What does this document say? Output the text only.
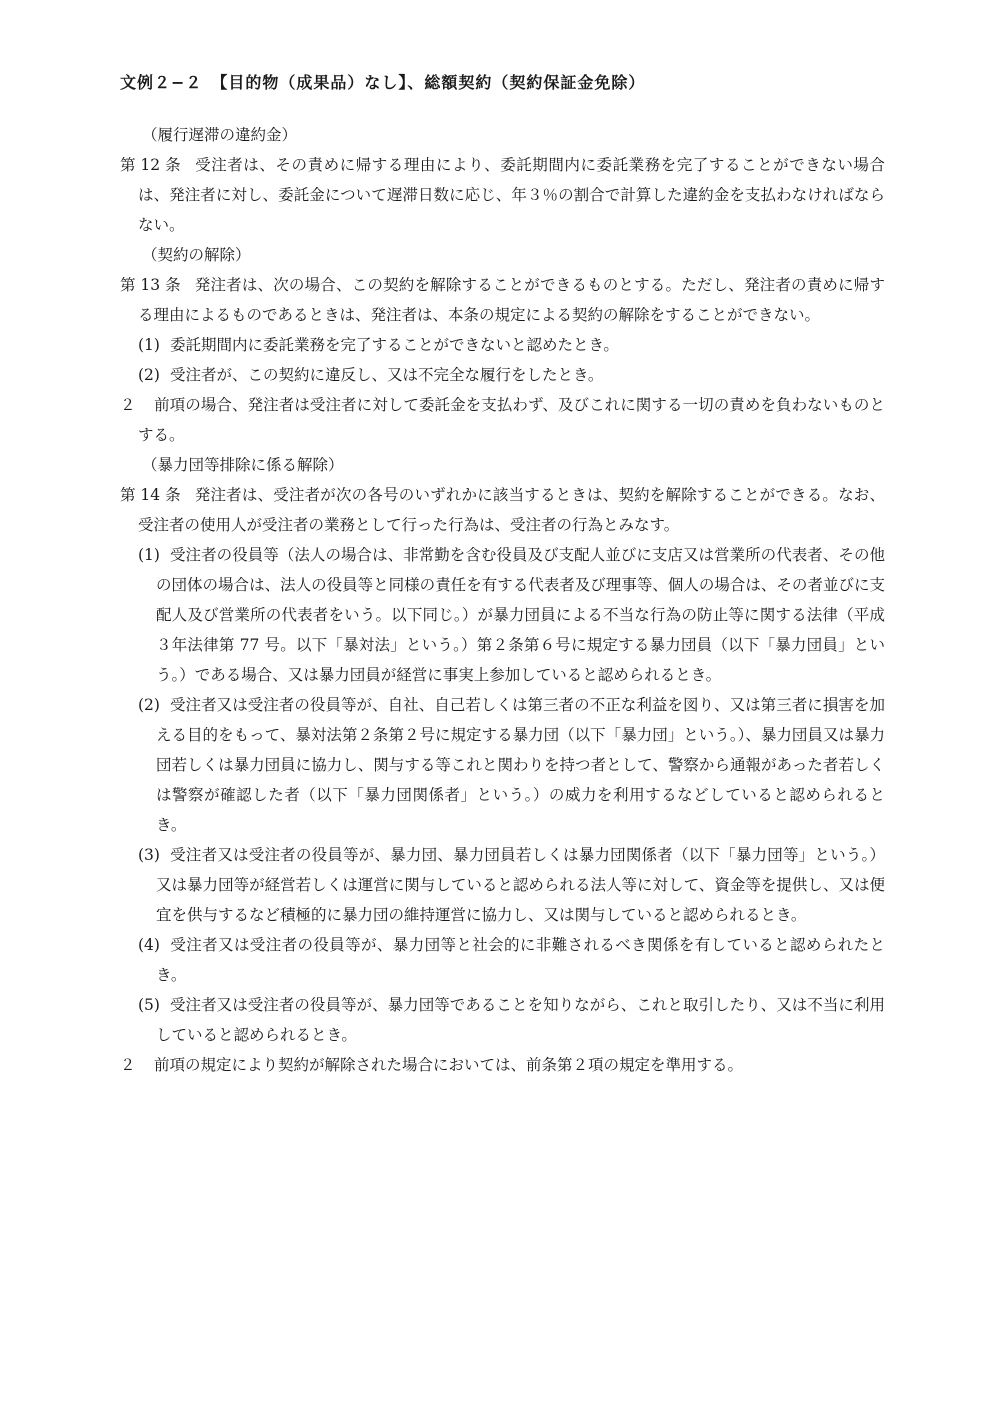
文例２−２　【目的物（成果品）なし】、総額契約（契約保証金免除）
（履行遅滞の違約金）
第 12 条 受注者は、その責めに帰する理由により、委託期間内に委託業務を完了することができない場合は、発注者に対し、委託金について遅滞日数に応じ、年３％の割合で計算した違約金を支払わなければならない。
（契約の解除）
第 13 条 発注者は、次の場合、この契約を解除することができるものとする。ただし、発注者の責めに帰する理由によるものであるときは、発注者は、本条の規定による契約の解除をすることができない。
(1) 委託期間内に委託業務を完了することができないと認めたとき。
(2) 受注者が、この契約に違反し、又は不完全な履行をしたとき。
２ 前項の場合、発注者は受注者に対して委託金を支払わず、及びこれに関する一切の責めを負わないものとする。
（暴力団等排除に係る解除）
第 14 条 発注者は、受注者が次の各号のいずれかに該当するときは、契約を解除することができる。なお、受注者の使用人が受注者の業務として行った行為は、受注者の行為とみなす。
(1) 受注者の役員等（法人の場合は、非常勤を含む役員及び支配人並びに支店又は営業所の代表者、その他の団体の場合は、法人の役員等と同様の責任を有する代表者及び理事等、個人の場合は、その者並びに支配人及び営業所の代表者をいう。以下同じ。）が暴力団員による不当な行為の防止等に関する法律（平成３年法律第 77 号。以下「暴対法」という。）第２条第６号に規定する暴力団員（以下「暴力団員」という。）である場合、又は暴力団員が経営に事実上参加していると認められるとき。
(2) 受注者又は受注者の役員等が、自社、自己若しくは第三者の不正な利益を図り、又は第三者に損害を加える目的をもって、暴対法第２条第２号に規定する暴力団（以下「暴力団」という。）、暴力団員又は暴力団若しくは暴力団員に協力し、関与する等これと関わりを持つ者として、警察から通報があった者若しくは警察が確認した者（以下「暴力団関係者」という。）の威力を利用するなどしていると認められるとき。
(3) 受注者又は受注者の役員等が、暴力団、暴力団員若しくは暴力団関係者（以下「暴力団等」という。）又は暴力団等が経営若しくは運営に関与していると認められる法人等に対して、資金等を提供し、又は便宜を供与するなど積極的に暴力団の維持運営に協力し、又は関与していると認められるとき。
(4) 受注者又は受注者の役員等が、暴力団等と社会的に非難されるべき関係を有していると認められたとき。
(5) 受注者又は受注者の役員等が、暴力団等であることを知りながら、これと取引したり、又は不当に利用していると認められるとき。
２ 前項の規定により契約が解除された場合においては、前条第２項の規定を準用する。
